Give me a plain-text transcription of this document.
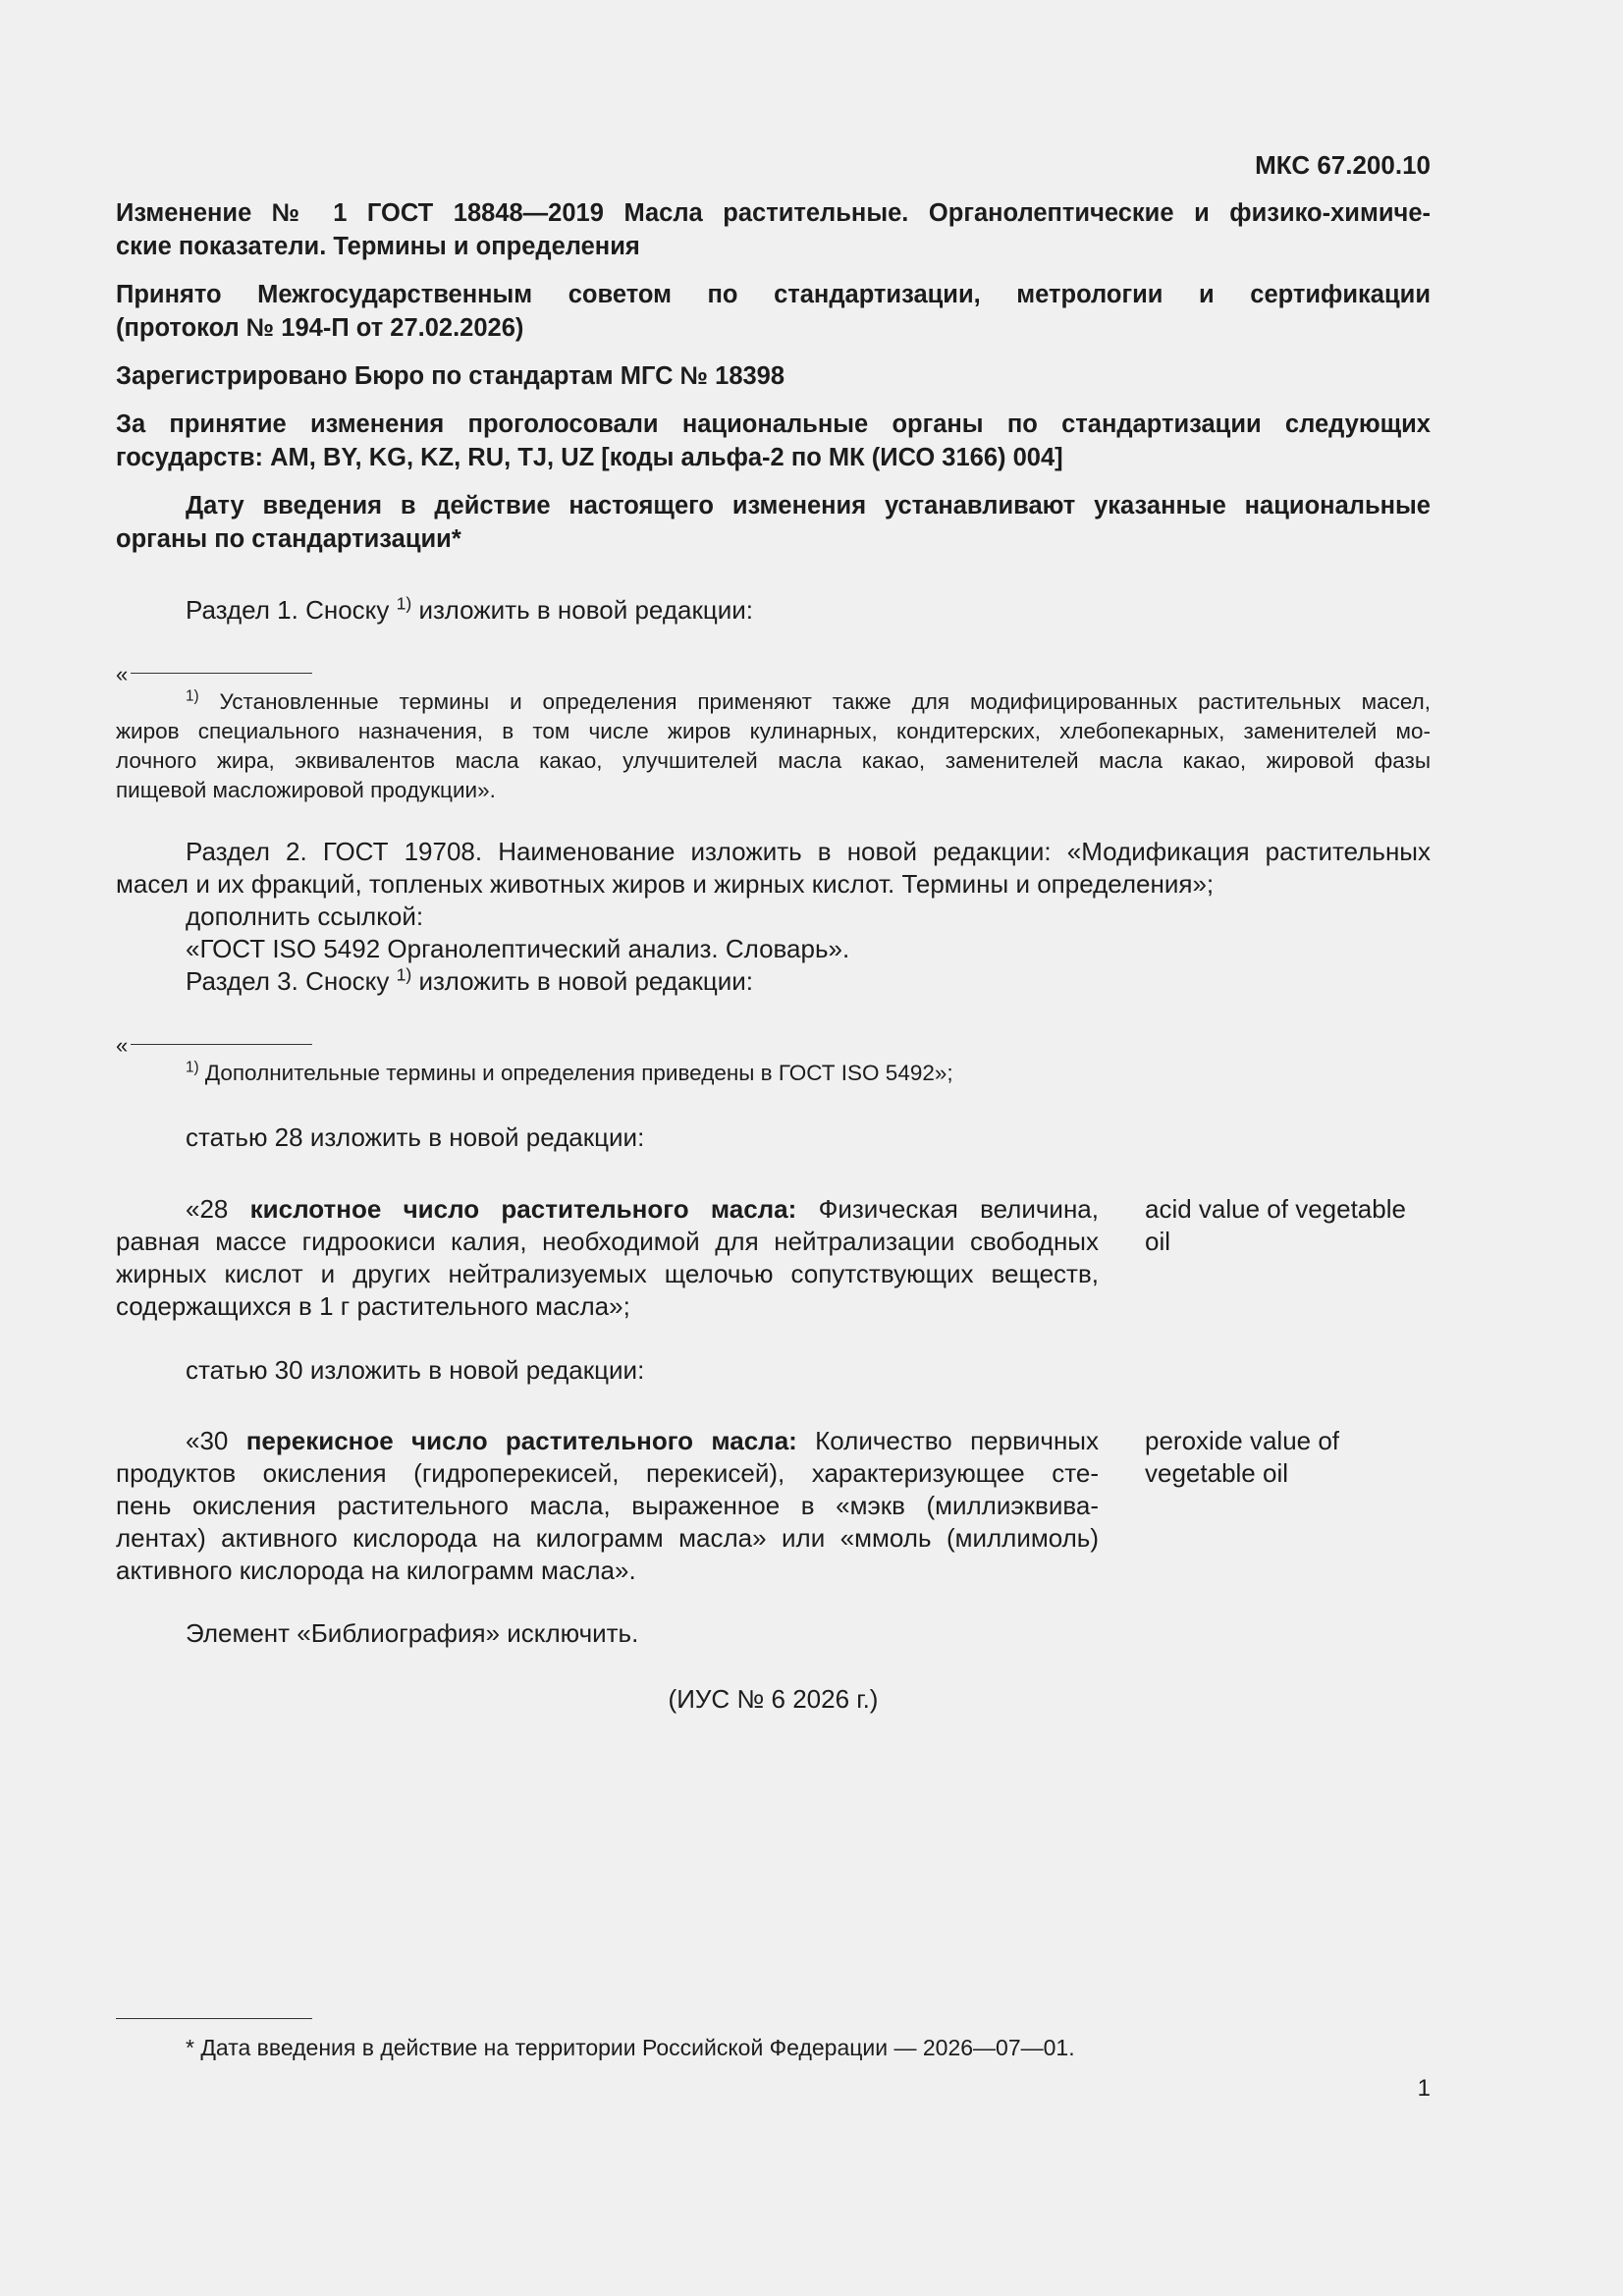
МКС 67.200.10
Изменение № 1 ГОСТ 18848—2019 Масла растительные. Органолептические и физико-химиче-
ские показатели. Термины и определения
Принято Межгосударственным советом по стандартизации, метрологии и сертификации
(протокол № 194-П от 27.02.2026)
Зарегистрировано Бюро по стандартам МГС № 18398
За принятие изменения проголосовали национальные органы по стандартизации следующих
государств: AM, BY, KG, KZ, RU, TJ, UZ [коды альфа-2 по МК (ИСО 3166) 004]
Дату введения в действие настоящего изменения устанавливают указанные национальные
органы по стандартизации*
Раздел 1. Сноску $^{1)}$ изложить в новой редакции:
«
$^{1)}$ Установленные термины и определения применяют также для модифицированных растительных масел,
жиров специального назначения, в том числе жиров кулинарных, кондитерских, хлебопекарных, заменителей мо-
лочного жира, эквивалентов масла какао, улучшителей масла какао, заменителей масла какао, жировой фазы
пищевой масложировой продукции».
Раздел 2. ГОСТ 19708. Наименование изложить в новой редакции: «Модификация растительных
масел и их фракций, топленых животных жиров и жирных кислот. Термины и определения»;
дополнить ссылкой:
«ГОСТ ISO 5492 Органолептический анализ. Словарь».
Раздел 3. Сноску $^{1)}$ изложить в новой редакции:
«
$^{1)}$ Дополнительные термины и определения приведены в ГОСТ ISO 5492»;
статью 28 изложить в новой редакции:
«28 кислотное число растительного масла: Физическая величина,
равная массе гидроокиси калия, необходимой для нейтрализации свободных
жирных кислот и других нейтрализуемых щелочью сопутствующих веществ,
содержащихся в 1 г растительного масла»;
acid value of vegetable
oil
статью 30 изложить в новой редакции:
«30 перекисное число растительного масла: Количество первичных
продуктов окисления (гидроперекисей, перекисей), характеризующее сте-
пень окисления растительного масла, выраженное в «мэкв (миллиэквива-
лентах) активного кислорода на килограмм масла» или «ммоль (миллимоль)
активного кислорода на килограмм масла».
peroxide value of
vegetable oil
Элемент «Библиография» исключить.
(ИУС № 6 2026 г.)
* Дата введения в действие на территории Российской Федерации — 2026—07—01.
1
